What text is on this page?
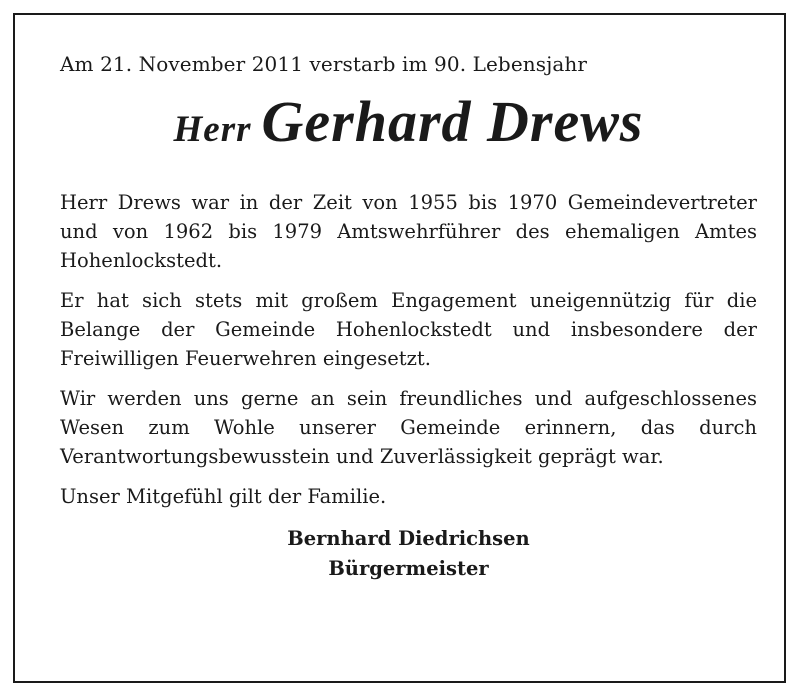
Am 21. November 2011 verstarb im 90. Lebensjahr

Herr Gerhard Drews

Herr Drews war in der Zeit von 1955 bis 1970 Gemeindevertreter und von 1962 bis 1979 Amtswehrführer des ehemaligen Amtes Hohenlockstedt.

Er hat sich stets mit großem Engagement uneigennützig für die Belange der Gemeinde Hohenlockstedt und insbesondere der Freiwilligen Feuerwehren eingesetzt.

Wir werden uns gerne an sein freundliches und aufgeschlossenes Wesen zum Wohle unserer Gemeinde erinnern, das durch Verantwortungsbewusstein und Zuverlässigkeit geprägt war.

Unser Mitgefühl gilt der Familie.

Bernhard Diedrichsen
Bürgermeister
